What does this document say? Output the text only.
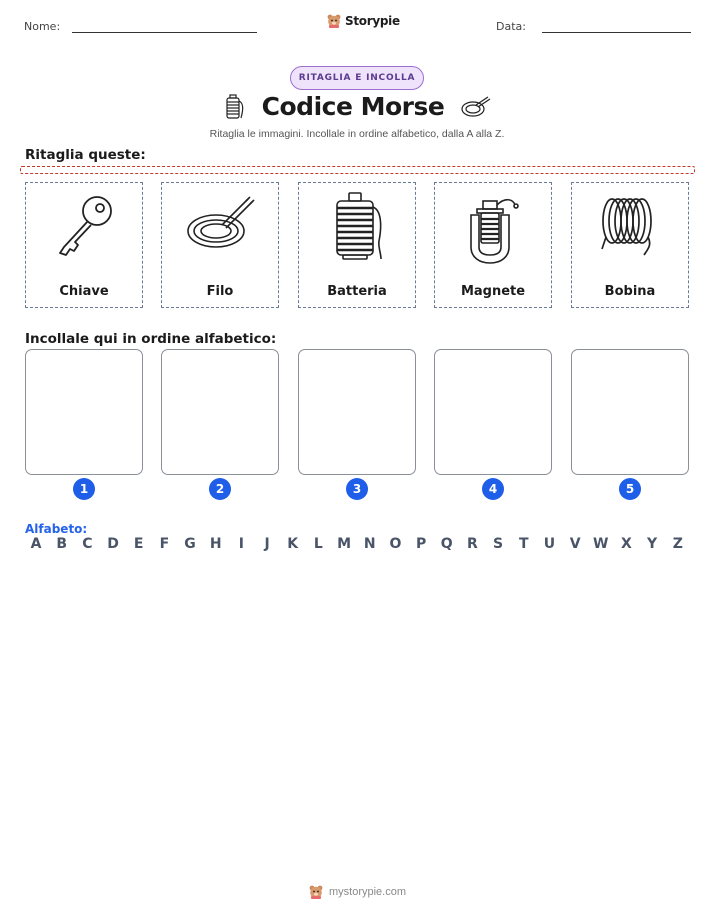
Nome:	Storypie	Data:
RITAGLIA E INCOLLA
Codice Morse
Ritaglia le immagini. Incollale in ordine alfabetico, dalla A alla Z.
Ritaglia queste:
Chiave	Filo	Batteria	Magnete	Bobina
Incollale qui in ordine alfabetico:
1	2	3	4	5
Alfabeto:
A	B	C	D	E	F	G	H	I	J	K	L	M N O	P	Q	R	S	T	U	V W X	Y	Z
mystorypie.com
